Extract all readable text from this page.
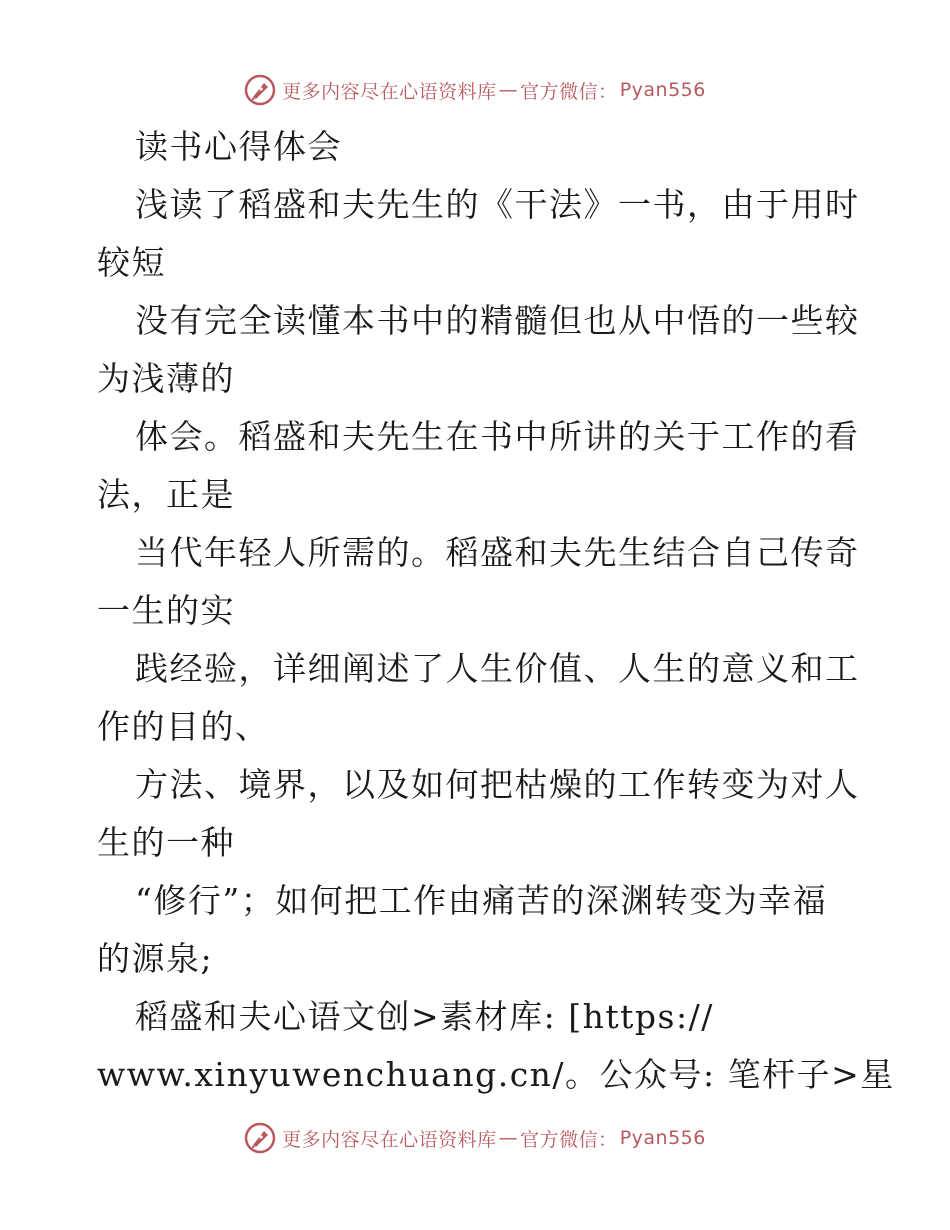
更多内容尽在心语资料库 — 官方微信： Pyan556
读书心得体会
浅读了稻盛和夫先生的《干法》一书，由于用时
较短
没有完全读懂本书中的精髓但也从中悟的一些较
为浅薄的
体会。稻盛和夫先生在书中所讲的关于工作的看
法，正是
当代年轻人所需的。稻盛和夫先生结合自己传奇
一生的实
践经验，详细阐述了人生价值、人生的意义和工
作的目的、
方法、境界，以及如何把枯燥的工作转变为对人
生的一种
“修行”；如何把工作由痛苦的深渊转变为幸福
的源泉;
稻盛和夫心语文创>素材库: [https://
www.xinyuwenchuang.cn/。公众号: 笔杆子>星
更多内容尽在心语资料库 — 官方微信： Pyan556
